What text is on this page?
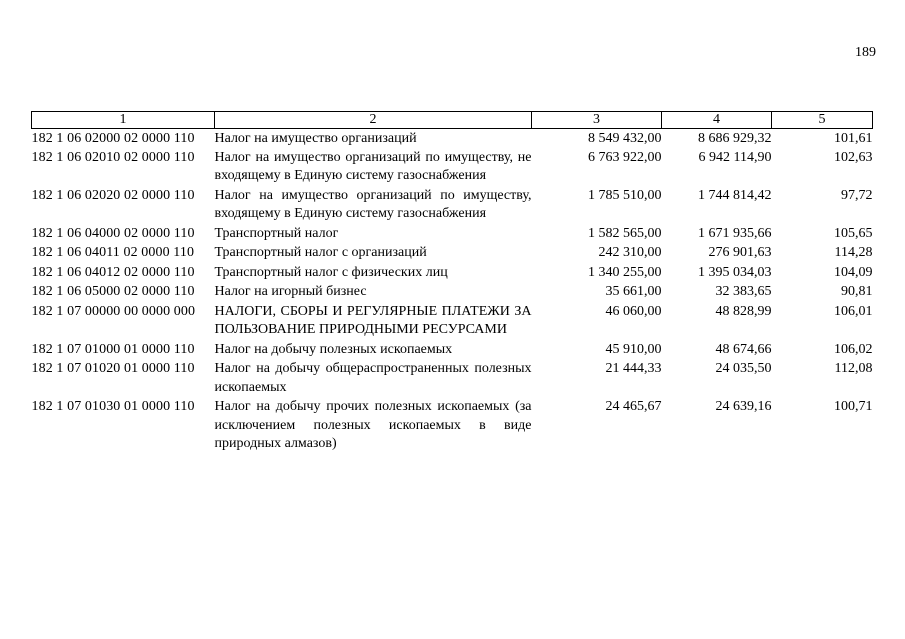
189
1	2	3	4	5
182 1 06 02000 02 0000 110	Налог на имущество организаций	8 549 432,00	8 686 929,32	101,61
182 1 06 02010 02 0000 110	Налог на имущество организаций по имуществу, не входящему в Единую систему газоснабжения	6 763 922,00	6 942 114,90	102,63
182 1 06 02020 02 0000 110	Налог на имущество организаций по имуществу, входящему в Единую систему газоснабжения	1 785 510,00	1 744 814,42	97,72
182 1 06 04000 02 0000 110	Транспортный налог	1 582 565,00	1 671 935,66	105,65
182 1 06 04011 02 0000 110	Транспортный налог с организаций	242 310,00	276 901,63	114,28
182 1 06 04012 02 0000 110	Транспортный налог с физических лиц	1 340 255,00	1 395 034,03	104,09
182 1 06 05000 02 0000 110	Налог на игорный бизнес	35 661,00	32 383,65	90,81
182 1 07 00000 00 0000 000	НАЛОГИ, СБОРЫ И РЕГУЛЯРНЫЕ ПЛАТЕЖИ ЗА ПОЛЬЗОВАНИЕ ПРИРОДНЫМИ РЕСУРСАМИ	46 060,00	48 828,99	106,01
182 1 07 01000 01 0000 110	Налог на добычу полезных ископаемых	45 910,00	48 674,66	106,02
182 1 07 01020 01 0000 110	Налог на добычу общераспространенных полезных ископаемых	21 444,33	24 035,50	112,08
182 1 07 01030 01 0000 110	Налог на добычу прочих полезных ископаемых (за исключением полезных ископаемых в виде природных алмазов)	24 465,67	24 639,16	100,71
